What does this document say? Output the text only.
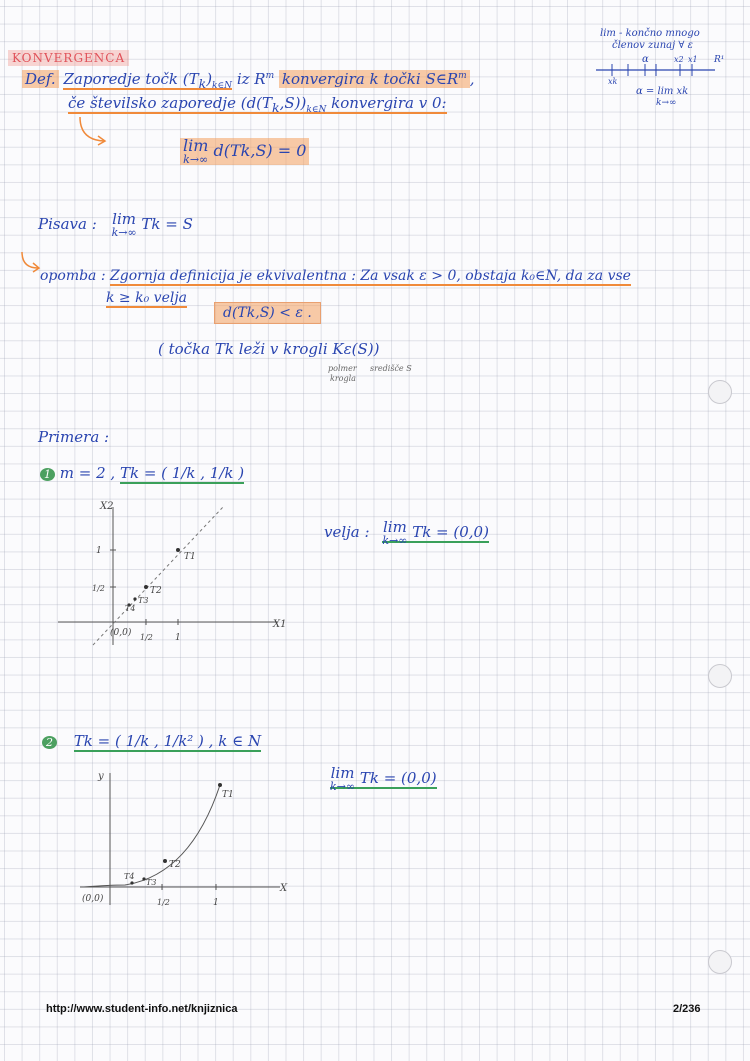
KONVERGENCA
lim - končno mnogo
členov zunaj ∀ ε
α
xk
x2 x1 R¹
α = lim xk
k→∞
Def. Zaporedje točk $(T_k)_{k\in N}$ iz $R^m$ konvergira k točki $S\in R^m$ ,
če številsko zaporedje $(d(T_k,S))_{k\in N}$ konvergira v 0:
lim
k→∞ d(Tk,S) = 0
Pisava : lim
k→∞ Tk = S
opomba : Zgornja definicija je ekvivalentna : Za vsak ε > 0, obstaja k₀∈N, da za vse
k ≥ k₀ velja
d(Tk,S) < ε .
( točka Tk leži v krogli Kε(S))
polmer
krogla
središče S
Primera :
1 m = 2 , Tk = ( 1/k , 1/k )
velja : lim
k→∞ Tk = (0,0)
X1
X2
(0,0)
1
1/2
1
1/2
T1
T2
T3
T4
2 Tk = ( 1/k , 1/k² ) , k ∈ N
lim
k→∞ Tk = (0,0)
X
y
(0,0)	1
1/2
T1
T2
T3
T4
http://www.student-info.net/knjiznica	2/236
